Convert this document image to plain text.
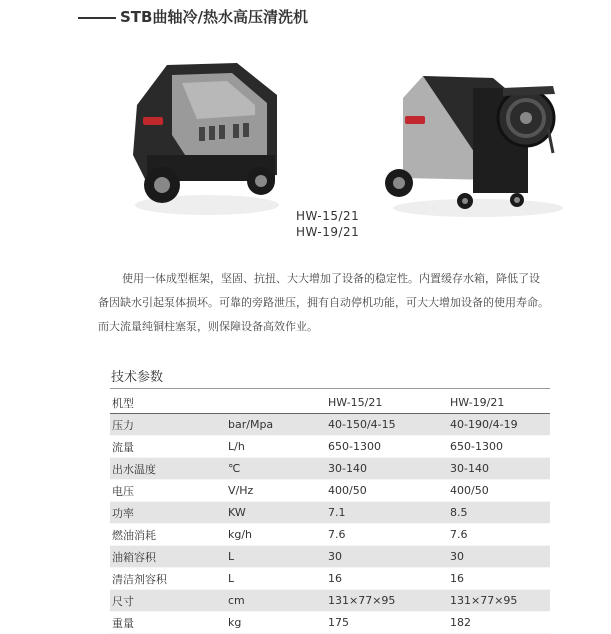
STB曲轴冷/热水高压清洗机
HW-15/21
HW-19/21

使用一体成型框架，坚固、抗扭、大大增加了设备的稳定性。内置缓存水箱，降低了设备因缺水引起泵体损坏。可靠的旁路泄压，拥有自动停机功能，可大大增加设备的使用寿命。而大流量纯铜柱塞泵，则保障设备高效作业。

技术参数
机型		HW-15/21	HW-19/21
压力	bar/Mpa	40-150/4-15	40-190/4-19
流量	L/h	650-1300	650-1300
出水温度	℃	30-140	30-140
电压	V/Hz	400/50	400/50
功率	KW	7.1	8.5
燃油消耗	kg/h	7.6	7.6
油箱容积	L	30	30
清洁剂容积	L	16	16
尺寸	cm	131×77×95	131×77×95
重量	kg	175	182
